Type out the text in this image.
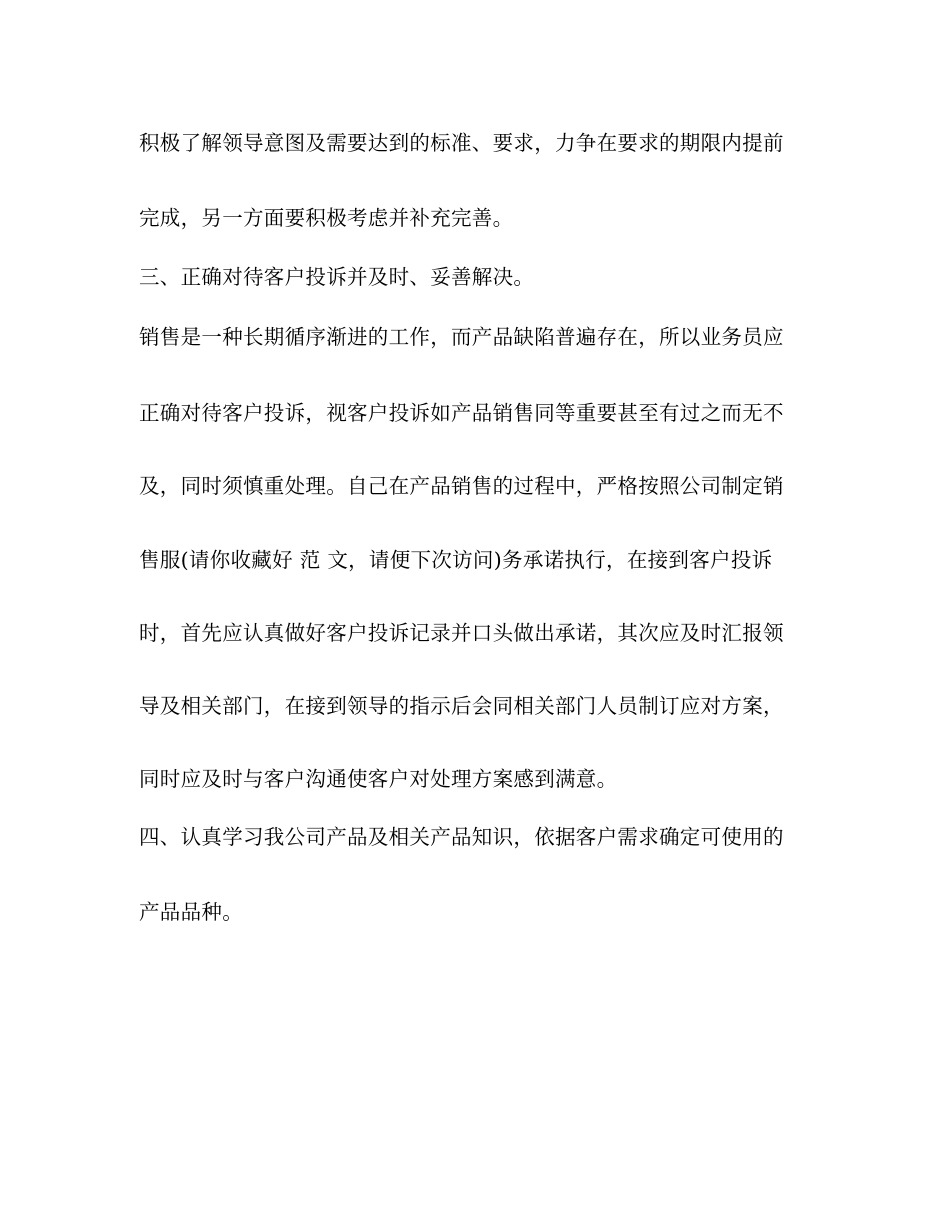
积极了解领导意图及需要达到的标准、要求，力争在要求的期限内提前
完成，另一方面要积极考虑并补充完善。
三、正确对待客户投诉并及时、妥善解决。
销售是一种长期循序渐进的工作，而产品缺陷普遍存在，所以业务员应
正确对待客户投诉，视客户投诉如产品销售同等重要甚至有过之而无不
及，同时须慎重处理。自己在产品销售的过程中，严格按照公司制定销
售服(请你收藏好 范 文，请便下次访问)务承诺执行，在接到客户投诉
时，首先应认真做好客户投诉记录并口头做出承诺，其次应及时汇报领
导及相关部门，在接到领导的指示后会同相关部门人员制订应对方案，
同时应及时与客户沟通使客户对处理方案感到满意。
四、认真学习我公司产品及相关产品知识，依据客户需求确定可使用的
产品品种。
